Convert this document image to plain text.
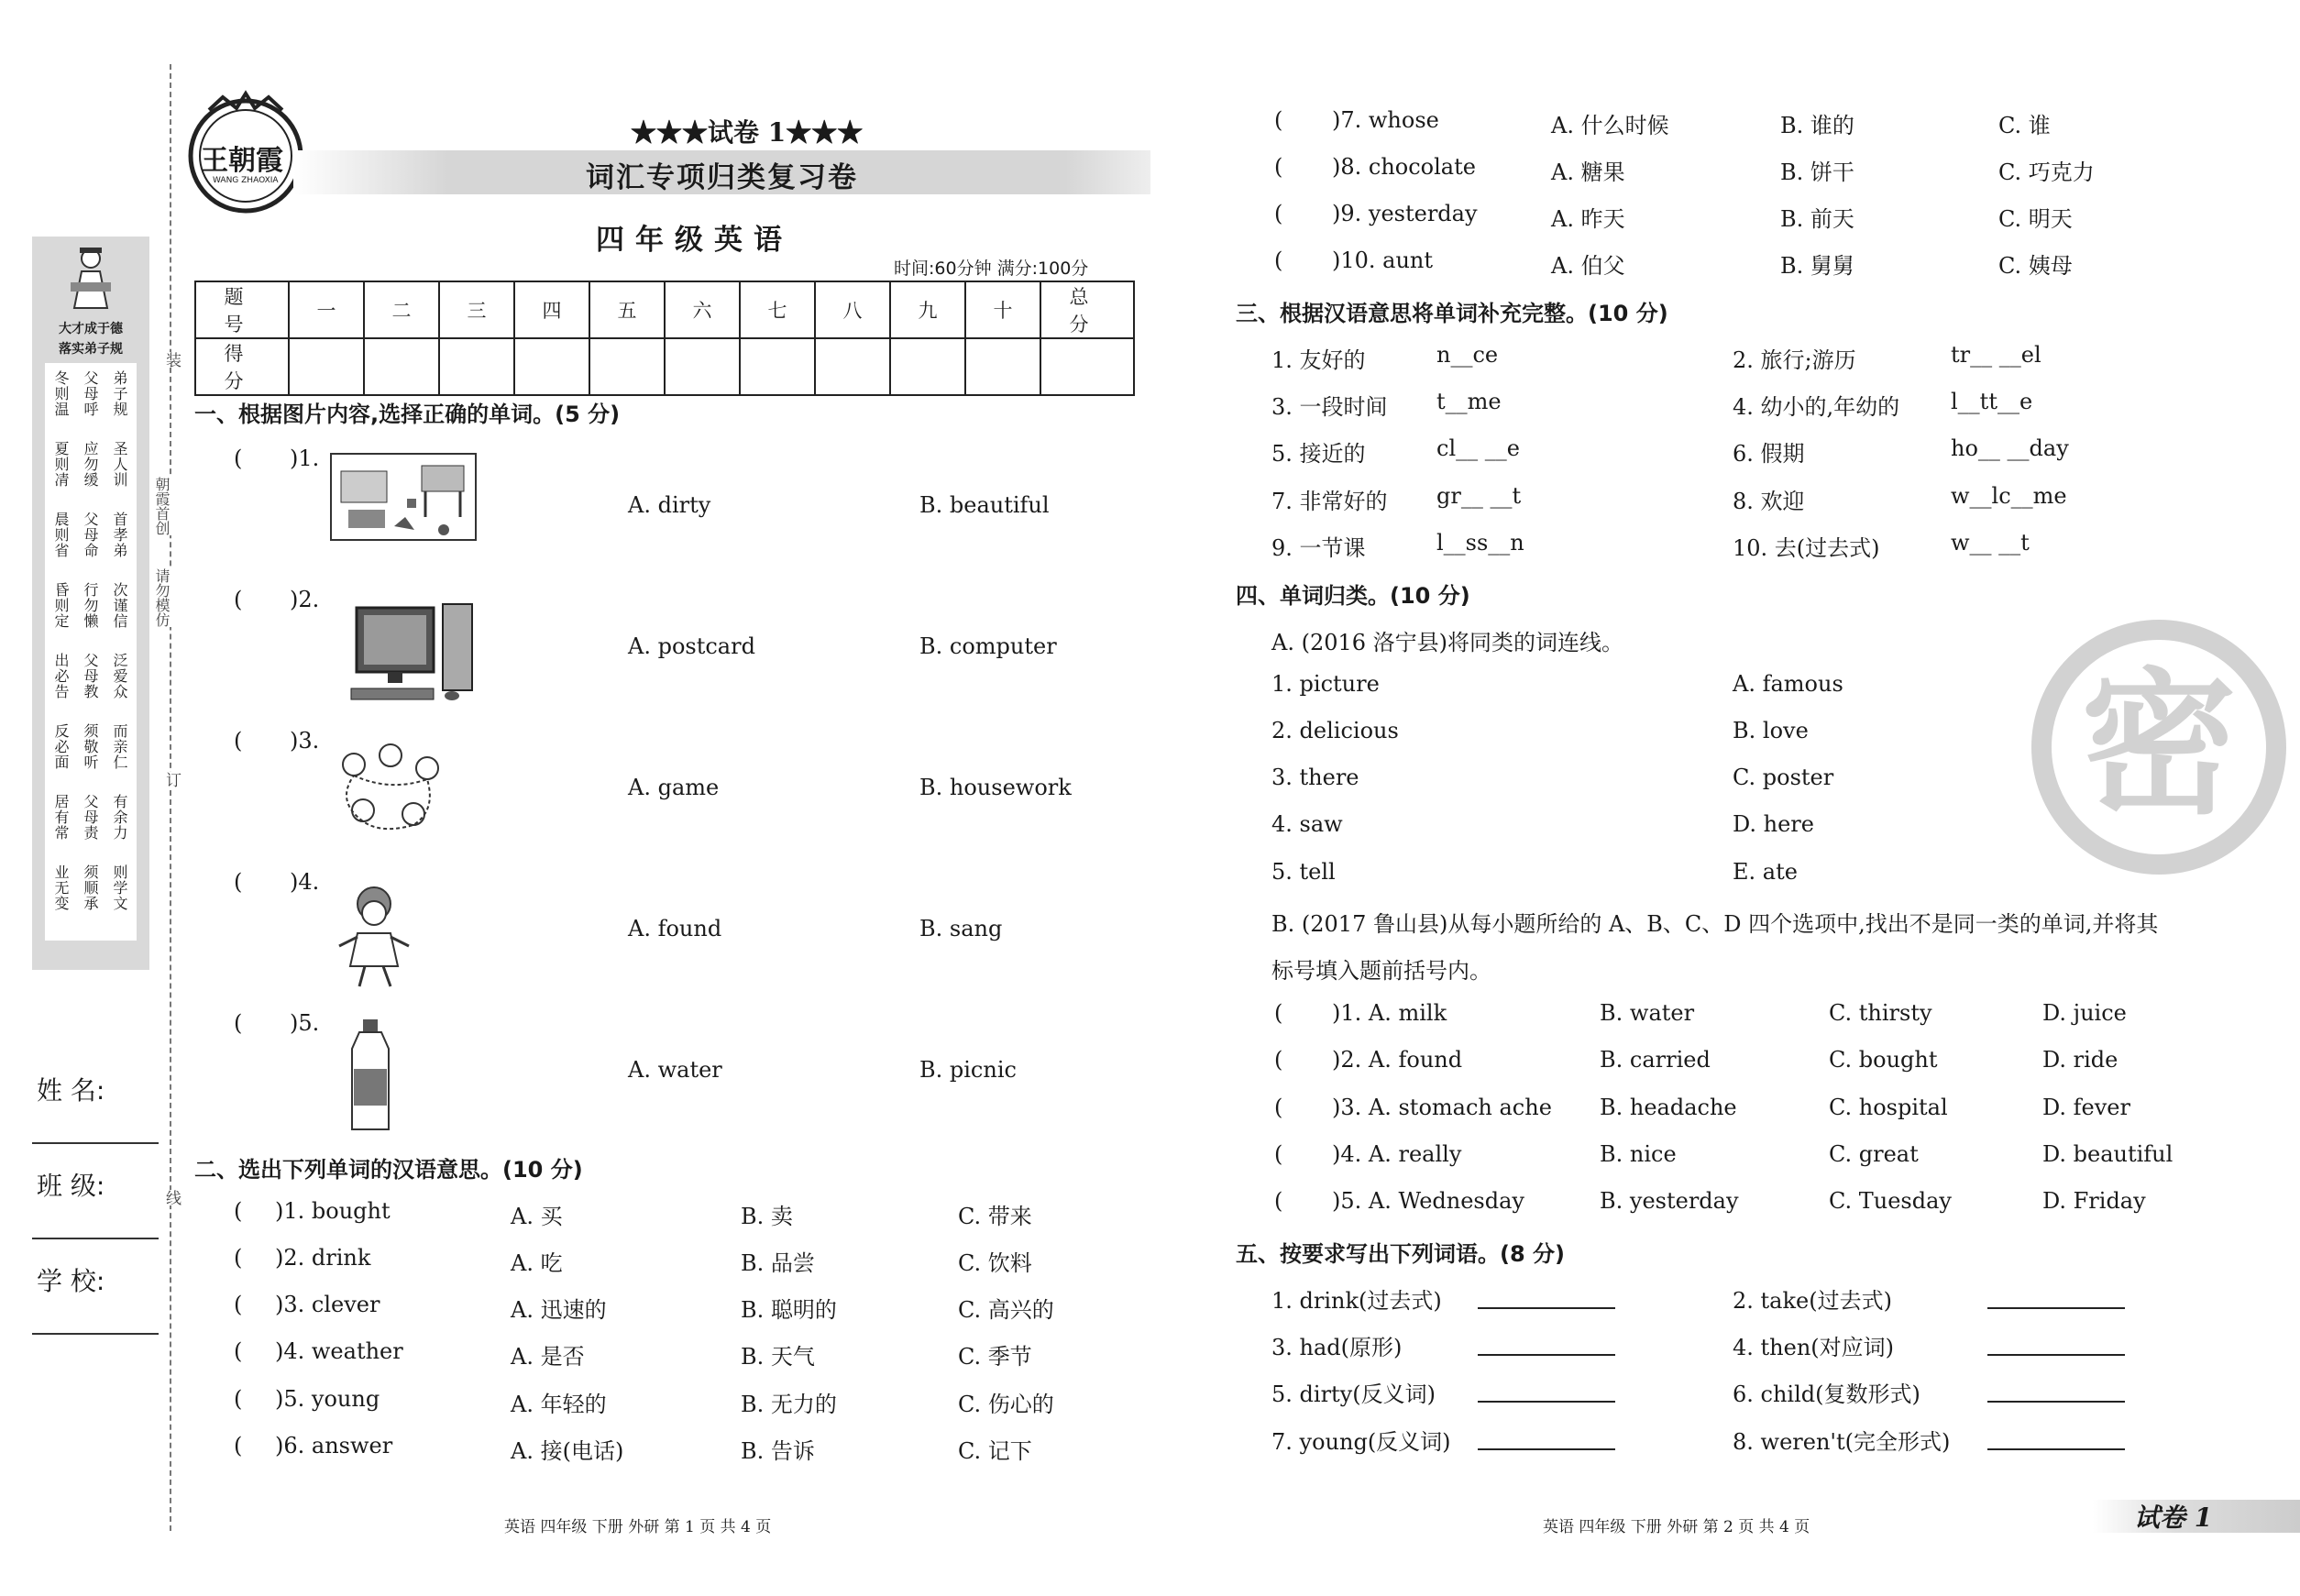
大才成于德
落实弟子规
冬则温
夏则凊
晨则省
昏则定
出必告
反必面
居有常
业无变
父母呼
应勿缓
父母命
行勿懒
父母教
须敬听
父母责
须顺承
弟子规
圣人训
首孝弟
次谨信
泛爱众
而亲仁
有余力
则学文
姓 名:
班 级:
学 校:
装
订
线
朝霞首创
请勿模仿
王朝霞
WANG ZHAOXIA
★★★试卷 1★★★
词汇专项归类复习卷
四年级英语
时间:60分钟 满分:100分
题 号	一	二	三	四	五	六	七	八	九	十	总 分
得 分											
一、根据图片内容,选择正确的单词。(5 分)
( )1.
A. dirty	B. beautiful
( )2.
A. postcard	B. computer
( )3.
A. game	B. housework
( )4.
A. found	B. sang
( )5.
A. water	B. picnic
二、选出下列单词的汉语意思。(10 分)
( )1. bought	A. 买	B. 卖	C. 带来
( )2. drink	A. 吃	B. 品尝	C. 饮料
( )3. clever	A. 迅速的	B. 聪明的	C. 高兴的
( )4. weather	A. 是否	B. 天气	C. 季节
( )5. young	A. 年轻的	B. 无力的	C. 伤心的
( )6. answer	A. 接(电话)	B. 告诉	C. 记下
英语 四年级 下册 外研 第 1 页 共 4 页
( )7. whose	A. 什么时候	B. 谁的	C. 谁
( )8. chocolate	A. 糖果	B. 饼干	C. 巧克力
( )9. yesterday	A. 昨天	B. 前天	C. 明天
( )10. aunt	A. 伯父	B. 舅舅	C. 姨母
三、根据汉语意思将单词补充完整。(10 分)
1. 友好的	n__ce	2. 旅行;游历	tr__ __el
3. 一段时间 t__me	4. 幼小的,年幼的 l__tt__e
5. 接近的	cl__ __e	6. 假期	ho__ __day
7. 非常好的 gr__ __t	8. 欢迎	w__lc__me
9. 一节课	l__ss__n	10. 去(过去式)	w__ __t
密
四、单词归类。(10 分)
A. (2016 洛宁县)将同类的词连线。
1. picture	A. famous
2. delicious	B. love
3. there	C. poster
4. saw	D. here
5. tell	E. ate
B. (2017 鲁山县)从每小题所给的 A、B、C、D 四个选项中,找出不是同一类的单词,并将其
标号填入题前括号内。
( )1. A. milk	B. water	C. thirsty	D. juice
( )2. A. found	B. carried	C. bought	D. ride
( )3. A. stomach ache B. headache	C. hospital	D. fever
( )4. A. really	B. nice	C. great	D. beautiful
( )5. A. Wednesday	B. yesterday	C. Tuesday	D. Friday
五、按要求写出下列词语。(8 分)
1. drink(过去式)	2. take(过去式)
3. had(原形)	4. then(对应词)
5. dirty(反义词)	6. child(复数形式)
7. young(反义词)	8. weren't(完全形式)
英语 四年级 下册 外研 第 2 页 共 4 页	试卷 1
